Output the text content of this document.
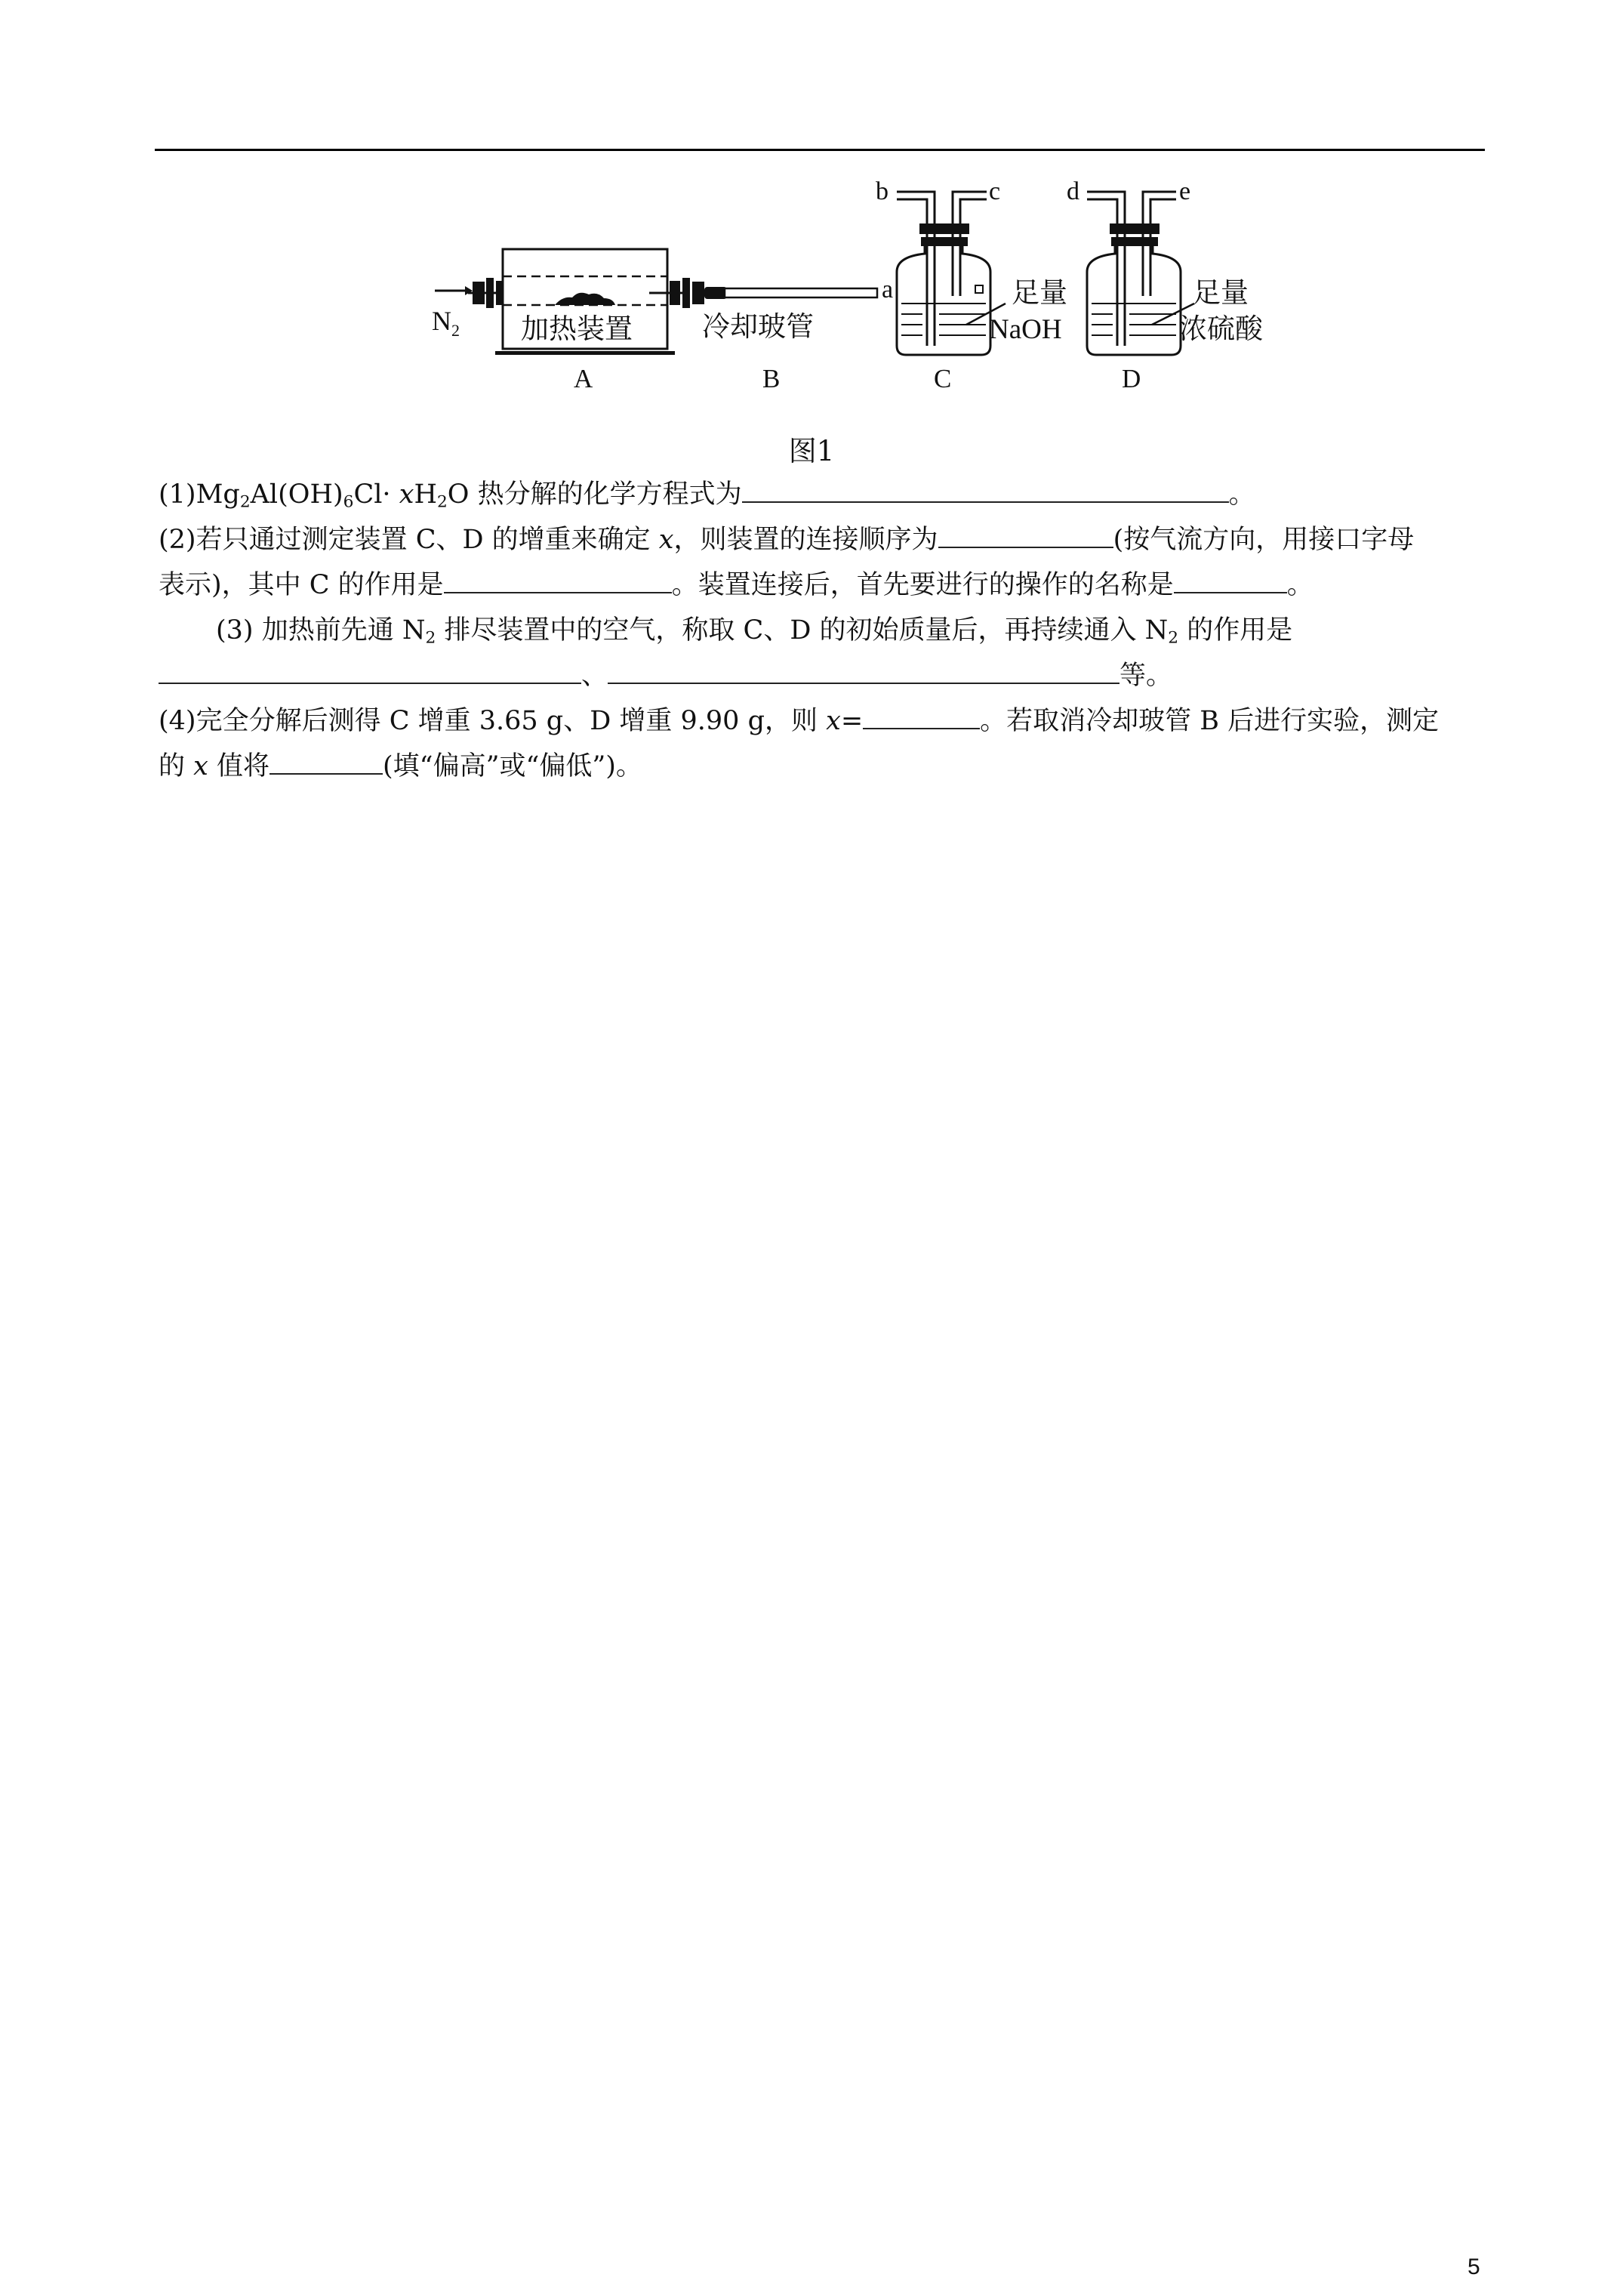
N 2 加热装置 冷却玻管
a
b	c
足量
NaOH
d	e
足量
浓硫酸
A	B	C	D
图1
$(1)Mg_2Al(OH)_6Cl\cdot xH_2O$ 热分解的化学方程式为	。
(2)若只通过测定装置 C、D 的增重来确定 x，则装置的连接顺序为	(按气流方向，用接口字母
表示)，其中 C 的作用是	。装置连接后，首先要进行的操作的名称是	。
(3) 加热前先通 $N_2$ 排尽装置中的空气，称取 C、D 的初始质量后，再持续通入 $N_2$ 的作用是
、	等。
(4)完全分解后测得 C 增重 3.65 g、D 增重 9.90 g，则 x=	。若取消冷却玻管 B 后进行实验，测定
的 x 值将	(填“偏高”或“偏低”)。
5
